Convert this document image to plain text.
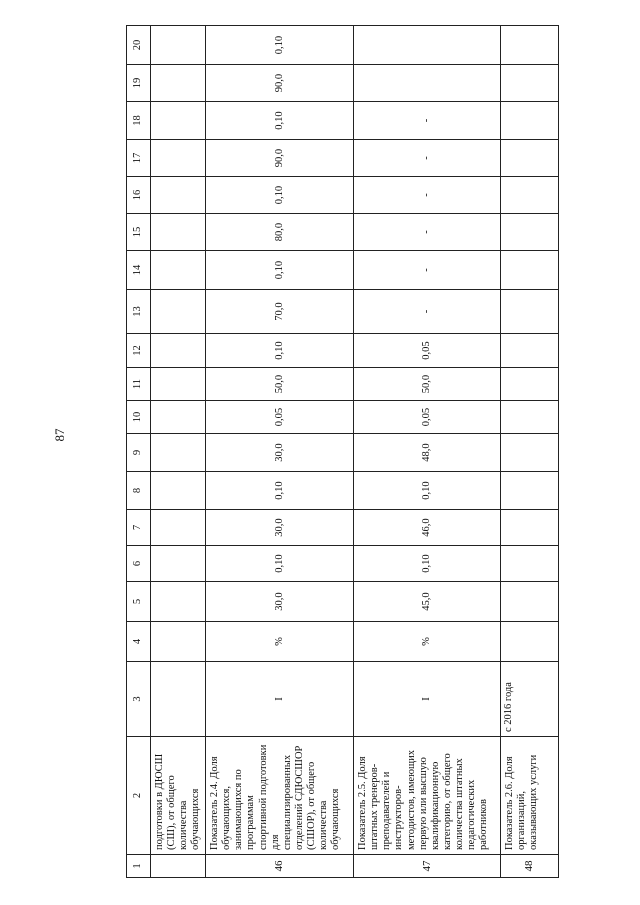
87
1	2	3	4	5	6	7	8	9	10	11	12	13	14	15	16	17	18	19	20
	подготовки в ДЮСШ (СШ), от общего количества обучающихся																		
46	Показатель 2.4. Доля обучающихся, занимающихся по программам спортивной подготовки для специализированных отделений СДЮСШОР (СШОР), от общего количества обучающихся	I	%	30,0	0,10	30,0	0,10	30,0	0,05	50,0	0,10	70,0	0,10	80,0	0,10	90,0	0,10	90,0	0,10
47	Показатель 2.5. Доля штатных тренеров-преподавателей и инструкторов-методистов, имеющих первую или высшую квалификационную категорию, от общего количества штатных педагогических работников	I	%	45,0	0,10	46,0	0,10	48,0	0,05	50,0	0,05	-	-	-	-	-	-		
48	Показатель 2.6. Доля организаций, оказывающих услуги	с 2016 года																	
